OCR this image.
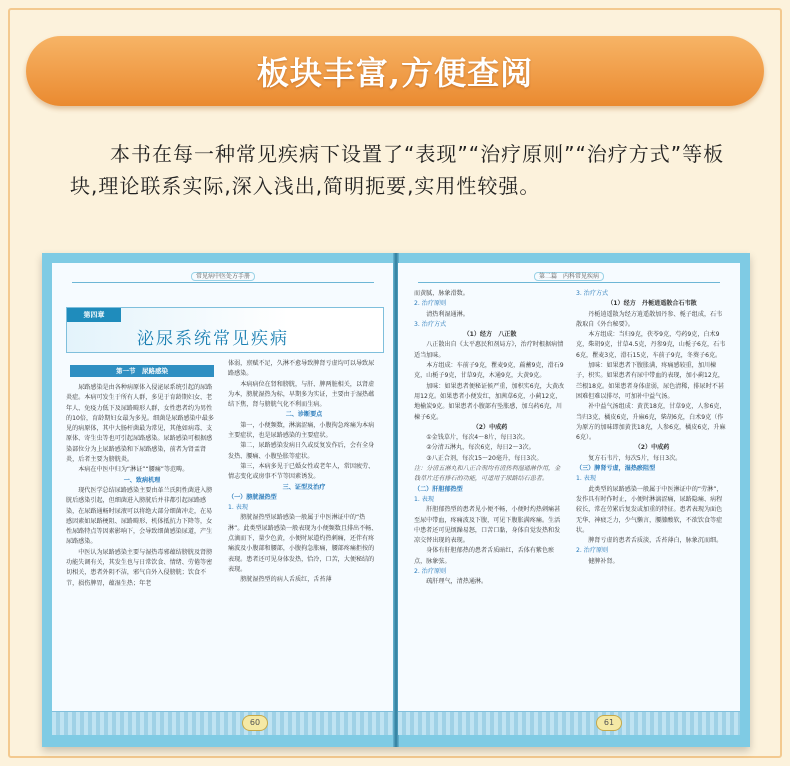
板块丰富,方便查阅

本书在每一种常见疾病下设置了“表现”“治疗原则”“治疗方式”等板块,理论联系实际,深入浅出,简明扼要,实用性较强。

常见病中医处方手册
第四章
泌尿系统常见疾病
第一节　尿路感染

尿路感染是由各种病原体入侵泌尿系统引起的尿路炎症。本病可发生于所有人群，多见于育龄期妇女、老年人、免疫力低下及尿路畸形人群，女性患者约为男性的10倍，育龄期妇女最为多见。细菌是尿路感染中最多见的病原体，其中大肠杆菌最为常见，其他如病毒、支原体、寄生虫等也可引起尿路感染。尿路感染可根据感染部位分为上尿路感染和下尿路感染，前者为肾盂肾炎，后者主要为膀胱炎。

本病在中医中归为“淋证”“腰痛”等范畴。

一、致病机理

现代医学总结尿路感染主要由革兰氏阴性菌进入膀胱后感染引起，但细菌进入膀胱后并非都引起尿路感染，在尿路通畅时尿液可以将绝大部分细菌冲走，在易感因素如尿路梗阻、尿路畸形、机体抵抗力下降等，女性尿路特点等因素影响下，会导致细菌感染尿道，产生尿路感染。

中医认为尿路感染主要与湿热毒邪蕴结膀胱及肾膀功能失调有关，其发生也与日常饮食、情绪、劳倦等密切相关，患者外阴不洁，邪气自外入侵膀胱；饮食不节，损伤脾胃，蕴湿生热；年老

体弱，禀赋不足，久淋不愈导致脾肾亏虚均可以导致尿路感染。

本病病位在肾和膀胱，与肝、脾两脏相关，以肾虚为本，膀胱湿热为标，早期多为实证，主要由于湿热蕴结下焦，肾与膀胱气化不利而生病。

二、诊断要点

第一，小便频数，淋漓涩痛，小腹拘急疼痛为本病主要症状，也是尿路感染的主要症状。

第二，尿路感染发病日久或反复发作后，会有全身发热、腰痛、小腹坠胀等症状。

第三，本病多见于已婚女性或老年人，常因疲劳、情志变化或房事不节等因素诱发。

三、证型及治疗

（一）膀胱湿热型

1. 表现

膀胱湿热型尿路感染一般属于中医淋证中的“热淋”。此类型尿路感染一般表现为小便频数且排出不畅、点滴而下，量少色黄，小便时尿道灼热刺痛，还伴有疼痛波及小腹部和腰部，小腹拘急胀痛，腰部疼痛拒按的表现。患者还可见身体发热，恰冷，口苦，大便秘结的表现。

膀胱湿热型的病人舌质红，舌苔薄

60
第二篇　内科常见疾病

而黄腻，脉象滑数。

2. 治疗原则

清热利湿通淋。

3. 治疗方式

（1）经方　八正散

八正散出自《太平惠民和剂局方》，治疗时根据病情适当加味。

本方组成：车前子9克，瞿麦9克，萹蓄9克，滑石9克，山栀子9克，甘草9克，木通9克，大黄9克。

加味：如果患者便秘证候严重，加枳实6克，大黄改用12克。如果患者小便发红，加茜草6克，小蓟12克，地榆炭9克。如果患者小腹部有坠胀感，加乌药6克，川楝子6克。

（2）中成药

①金钱草片，每次4～8片，每日3次。

②分清五淋丸，每次6克，每日2～3次。

③八正合剂，每次15～20毫升，每日3次。

注：分清五淋丸和八正合剂均有清热利湿通淋作用，金钱草片还有排石的功能，可适用于尿路结石患者。

（二）肝胆郁热型

1. 表现

肝胆郁热型的患者见小便不畅，小便时灼热刺痛甚至尿中带血，疼痛波及下腹，可见下腹胀满疼痛。生活中患者还可见烦躁易怒，口苦口黏，身体自觉发热和发凉交替出现的表现。

身体有肝胆郁热的患者舌质暗红，舌体有紫色瘀点，脉象弦。

2. 治疗原则

疏肝理气，清热通淋。

3. 治疗方式

（1）经方　丹栀逍遥散合石韦散

丹栀逍遥散为经方逍遥散加丹参、栀子组成，石韦散取自《外台秘要》。

本方组成：当归9克，茯苓9克，芍药9克，白术9克，柴胡9克，甘草4.5克，丹参9克，山栀子6克，石韦6克，瞿麦3克，滑石15克，车前子9克，冬葵子6克。

加味：如果患者下腹胀满，疼痛感较重，加川楝子，枳实。如果患者有尿中带血的表现，加小蓟12克，苎根18克。如果患者身体虚弱，尿色清稀，排尿时不甚困难但难以排尽，可加补中益气汤。

补中益气汤组成：黄芪18克，甘草9克，人参6克，当归3克，橘皮6克，升麻6克，柴胡6克，白术9克（作为原方的加味即加黄芪18克，人参6克，橘皮6克，升麻6克）。

（2）中成药

复方石韦片，每次5片，每日3次。

（三）脾肾亏虚，湿热瘀阻型

1. 表现

此类型的尿路感染一般属于中医淋证中的“劳淋”，发作具有时作时止，小便时淋漓涩痛，尿路隐痛、病程较长，常在劳累后复发或加重的特征。患者表现为面色无华、神疲乏力，少气懒言，腰膝酸软，不欲饮食等症状。

脾肾亏虚的患者舌质淡，舌苔薄白，脉象沉而细。

2. 治疗原则

健脾补肾。

61
